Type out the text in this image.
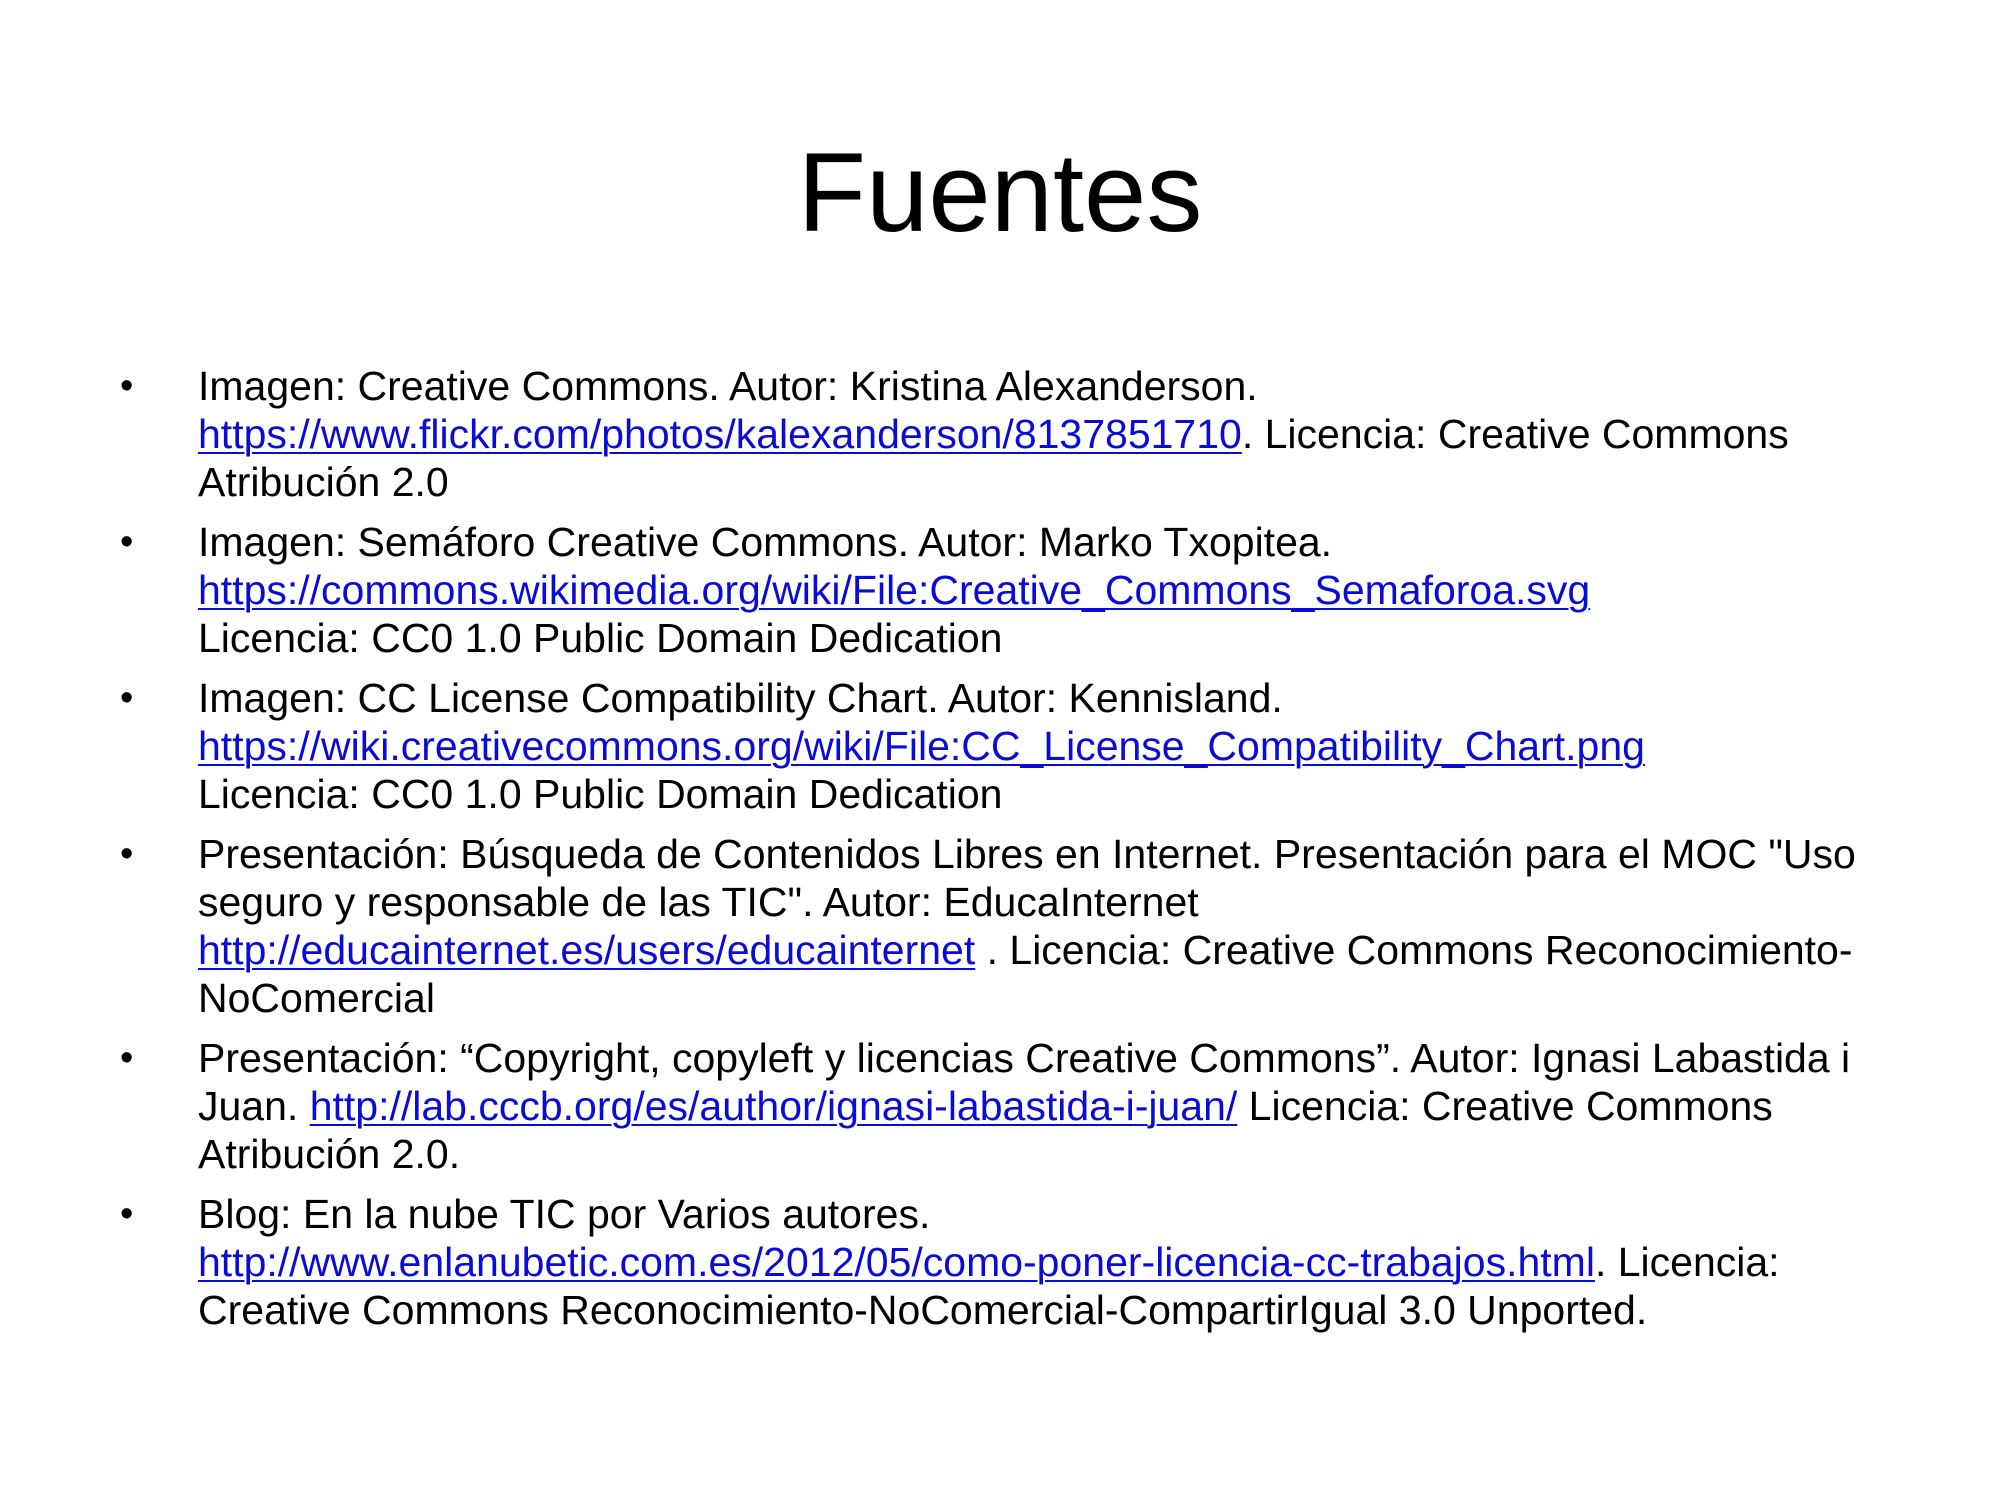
Fuentes
•	Imagen: Creative Commons. Autor: Kristina Alexanderson.
https://www.flickr.com/photos/kalexanderson/8137851710. Licencia: Creative Commons Atribución 2.0
•	Imagen: Semáforo Creative Commons. Autor: Marko Txopitea.
https://commons.wikimedia.org/wiki/File:Creative_Commons_Semaforoa.svg
Licencia: CC0 1.0 Public Domain Dedication
•	Imagen: CC License Compatibility Chart. Autor: Kennisland.
https://wiki.creativecommons.org/wiki/File:CC_License_Compatibility_Chart.png
Licencia: CC0 1.0 Public Domain Dedication
•	Presentación: Búsqueda de Contenidos Libres en Internet. Presentación para el MOC "Uso seguro y responsable de las TIC". Autor: EducaInternet
http://educainternet.es/users/educainternet . Licencia: Creative Commons Reconocimiento-NoComercial
•	Presentación: “Copyright, copyleft y licencias Creative Commons”. Autor: Ignasi Labastida i Juan. http://lab.cccb.org/es/author/ignasi-labastida-i-juan/ Licencia: Creative Commons Atribución 2.0.
•	Blog: En la nube TIC por Varios autores.
http://www.enlanubetic.com.es/2012/05/como-poner-licencia-cc-trabajos.html. Licencia: Creative Commons Reconocimiento-NoComercial-CompartirIgual 3.0 Unported.
